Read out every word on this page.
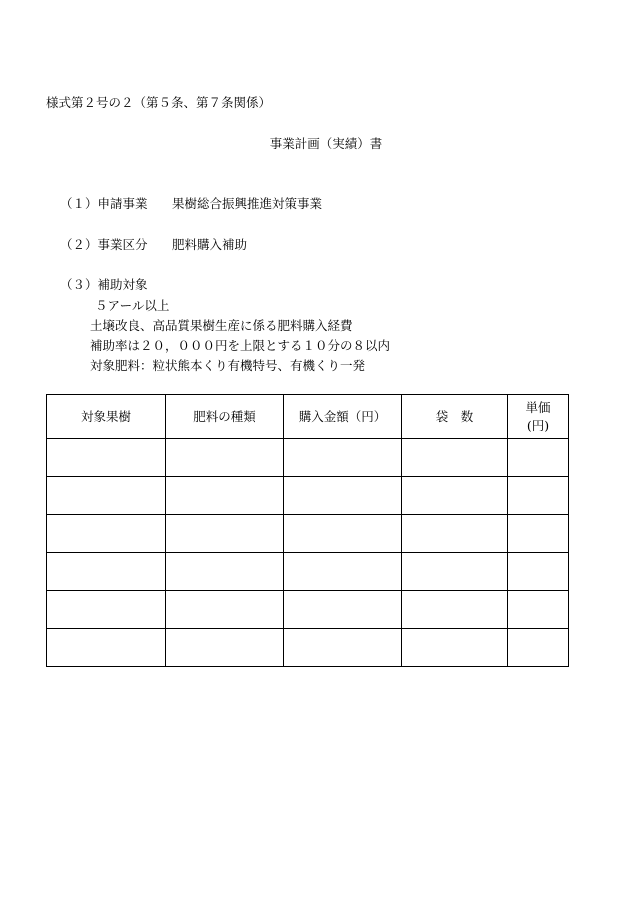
様式第２号の２（第５条、第７条関係）
事業計画（実績）書
（１）申請事業 果樹総合振興推進対策事業
（２）事業区分 肥料購入補助
（３）補助対象
５アール以上
土壌改良、高品質果樹生産に係る肥料購入経費
補助率は２０，０００円を上限とする１０分の８以内
対象肥料：粒状熊本くり有機特号、有機くり一発
対象果樹	肥料の種類	購入金額（円）	袋　数	単価
(円)
